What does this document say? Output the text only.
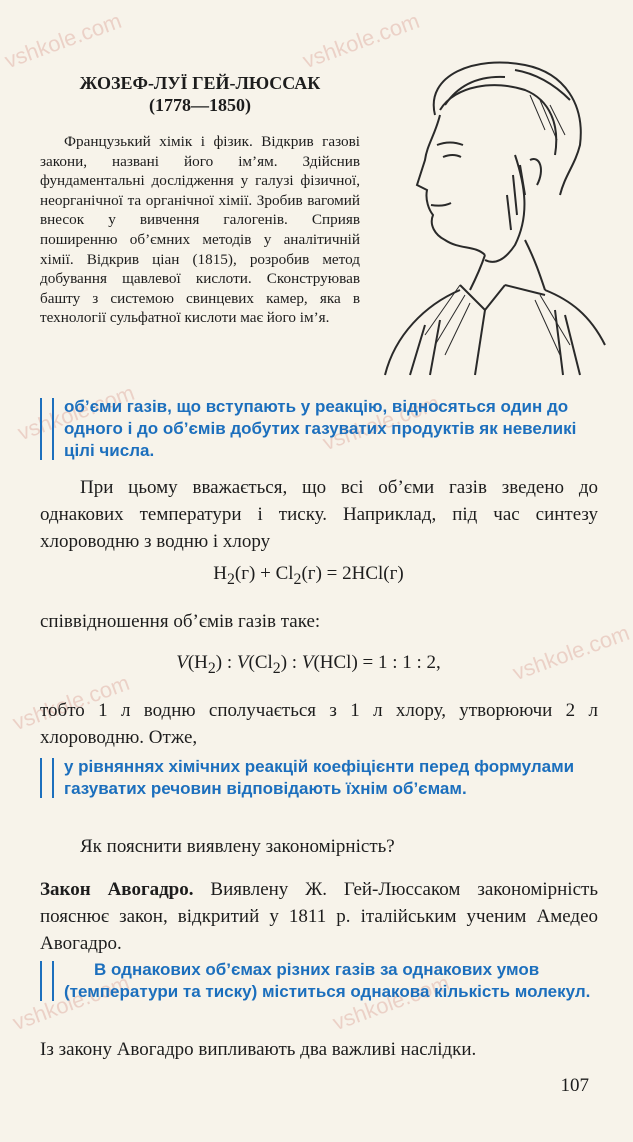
vshkole.com	vshkole.com
vshkole.com	vshkole.com
vshkole.com
vshkole.com
vshkole.com	vshkole.com
ЖОЗЕФ-ЛУЇ ГЕЙ-ЛЮССАК
(1778—1850)
Французький хімік і фізик. Відкрив газові закони, названі його ім’ям. Здійснив фундаментальні дослідження у галузі фізичної, неорганічної та органічної хімії. Зробив вагомий внесок у вивчення галогенів. Сприяв поширенню об’ємних методів у аналітичній хімії. Відкрив ціан (1815), розробив метод добування щавлевої кислоти. Сконструював башту з системою свинцевих камер, яка в технології сульфатної кислоти має його ім’я.
об’єми газів, що вступають у реакцію, відносяться один до одного і до об’ємів добутих газуватих продуктів як невеликі цілі числа.
При цьому вважається, що всі об’єми газів зведено до однакових температури і тиску. Наприклад, під час синтезу хлороводню з водню і хлору
$H_2(г) + Cl_2(г) = 2HCl(г)$
співвідношення об’ємів газів таке:
$V(H_2)$ : $V(Cl_2)$ : V(HCl) = 1 : 1 : 2,
тобто 1 л водню сполучається з 1 л хлору, утворюючи 2 л хлороводню. Отже,
у рівняннях хімічних реакцій коефіцієнти перед формулами газуватих речовин відповідають їхнім об’ємам.
Як пояснити виявлену закономірність?
Закон Авогадро. Виявлену Ж. Гей-Люссаком закономірність пояснює закон, відкритий у 1811 р. італійським ученим Амедео Авогадро.
В однакових об’ємах різних газів за однакових умов (температури та тиску) міститься однакова кількість молекул.
Із закону Авогадро випливають два важливі наслідки.
107
